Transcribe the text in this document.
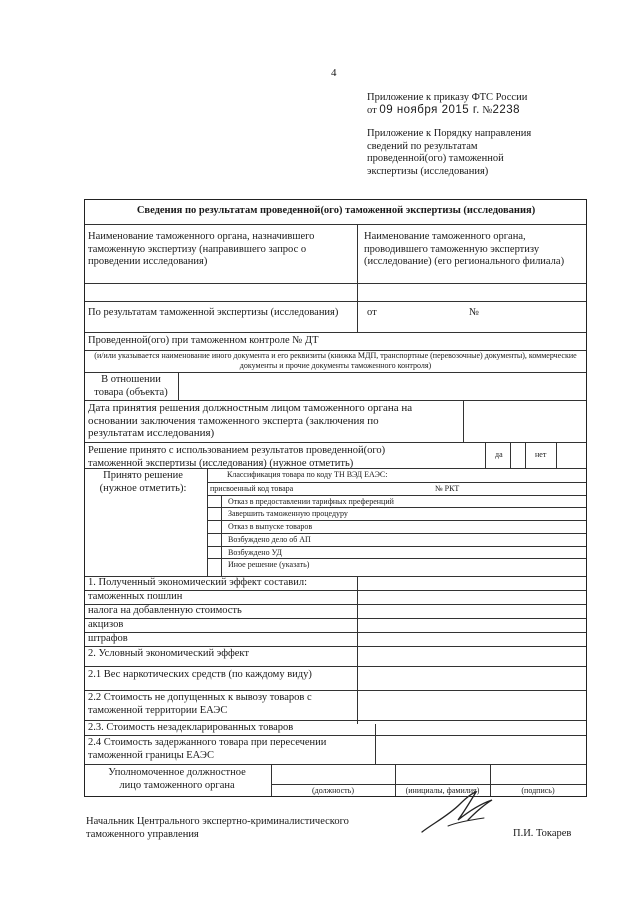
4
Приложение к приказу ФТС России
от 09 ноября 2015 г. №2238
Приложение к Порядку направления
сведений по результатам
проведенной(ого) таможенной
экспертизы (исследования)
Сведения по результатам проведенной(ого) таможенной экспертизы (исследования)
Наименование таможенного органа, назначившего таможенную экспертизу (направившего запрос о проведении исследования)
Наименование таможенного органа, проводившего таможенную экспертизу (исследование) (его регионального филиала)
По результатам таможенной экспертизы (исследования)	от	№
Проведенной(ого) при таможенном контроле № ДТ
(и/или указывается наименование иного документа и его реквизиты (книжка МДП, транспортные (перевозочные) документы), коммерческие документы и прочие документы таможенного контроля)
В отношении товара (объекта)
Дата принятия решения должностным лицом таможенного органа на основании заключения таможенного эксперта (заключения по результатам исследования)
Решение принято с использованием результатов проведенной(ого) таможенной экспертизы (исследования) (нужное отметить)
да	нет
Принято решение (нужное отметить):
Классификация товара по коду ТН ВЭД ЕАЭС:
присвоенный код товара	№ РКТ
Отказ в предоставлении тарифных преференций
Завершить таможенную процедуру
Отказ в выпуске товаров
Возбуждено дело об АП
Возбуждено УД
Иное решение (указать)
1. Полученный экономический эффект составил:
таможенных пошлин
налога на добавленную стоимость
акцизов
штрафов
2. Условный экономический эффект
2.1 Вес наркотических средств (по каждому виду)
2.2 Стоимость не допущенных к вывозу товаров с таможенной территории ЕАЭС
2.3. Стоимость незадекларированных товаров
2.4 Стоимость задержанного товара при пересечении таможенной границы ЕАЭС
Уполномоченное должностное лицо таможенного органа	(должность)	(инициалы, фамилия)	(подпись)
Начальник Центрального экспертно-криминалистического таможенного управления	П.И. Токарев
